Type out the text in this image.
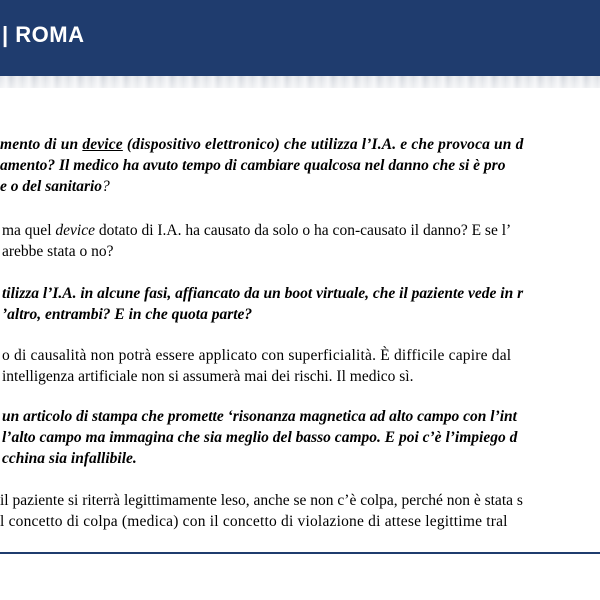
| ROMA
mento di un device (dispositivo elettronico) che utilizza l’I.A. e che provoca un d
amento? Il medico ha avuto tempo di cambiare qualcosa nel danno che si è pro
e o del sanitario?
ma quel device dotato di I.A. ha causato da solo o ha con-causato il danno? E se l’
arebbe stata o no?
tilizza l’I.A. in alcune fasi, affiancato da un boot virtuale, che il paziente vede in r
’altro, entrambi? E in che quota parte?
o di causalità non potrà essere applicato con superficialità. È difficile capire dal
intelligenza artificiale non si assumerà mai dei rischi. Il medico sì.
un articolo di stampa che promette ‘risonanza magnetica ad alto campo con l’int
l’alto campo ma immagina che sia meglio del basso campo. E poi c’è l’impiego d
cchina sia infallibile.
il paziente si riterrà legittimamente leso, anche se non c’è colpa, perché non è stata s
l concetto di colpa (medica) con il concetto di violazione di attese legittime tral
